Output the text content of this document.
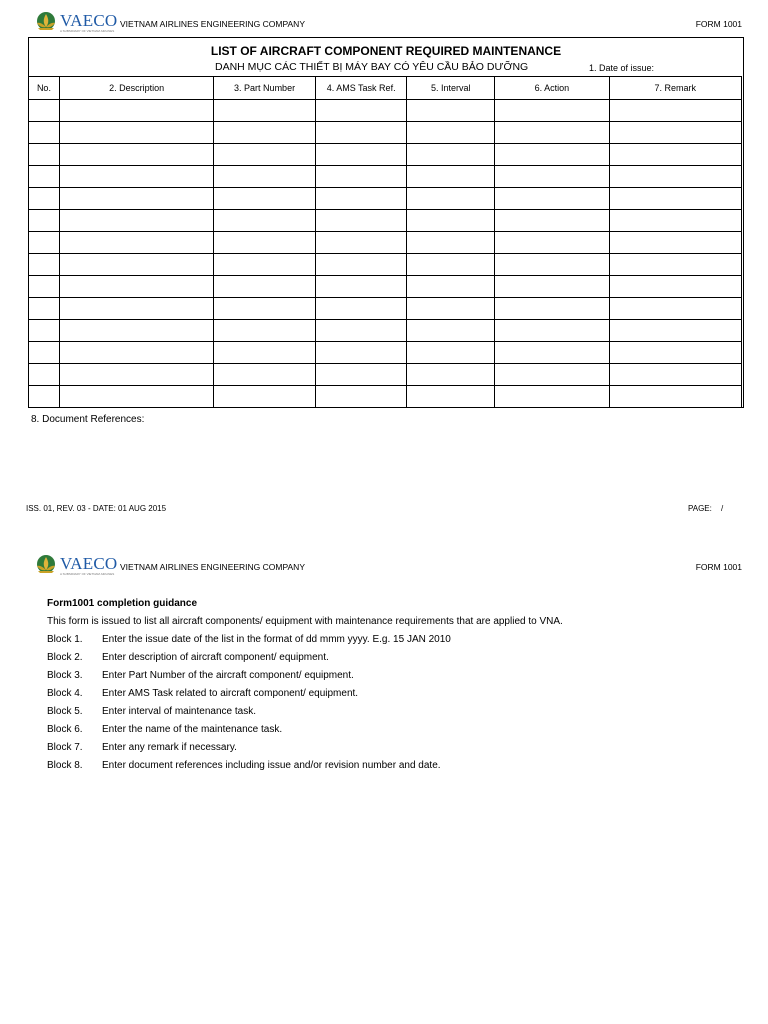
VAECO
A SUBSIDIARY OF VIETNAM AIRLINES
VIETNAM AIRLINES ENGINEERING COMPANY	FORM 1001
LIST OF AIRCRAFT COMPONENT REQUIRED MAINTENANCE
DANH MỤC CÁC THIẾT BỊ MÁY BAY CÓ YÊU CẦU BẢO DƯỠNG	1. Date of issue:
No.	2. Description	3. Part Number	4. AMS Task Ref.	5. Interval	6. Action	7. Remark

8. Document References:
ISS. 01, REV. 03 - DATE: 01 AUG 2015	PAGE: /
VAECO
A SUBSIDIARY OF VIETNAM AIRLINES
VIETNAM AIRLINES ENGINEERING COMPANY	FORM 1001
Form1001 completion guidance
This form is issued to list all aircraft components/ equipment with maintenance requirements that are applied to VNA.
Block 1. Enter the issue date of the list in the format of dd mmm yyyy. E.g. 15 JAN 2010
Block 2. Enter description of aircraft component/ equipment.
Block 3. Enter Part Number of the aircraft component/ equipment.
Block 4. Enter AMS Task related to aircraft component/ equipment.
Block 5. Enter interval of maintenance task.
Block 6. Enter the name of the maintenance task.
Block 7. Enter any remark if necessary.
Block 8. Enter document references including issue and/or revision number and date.
